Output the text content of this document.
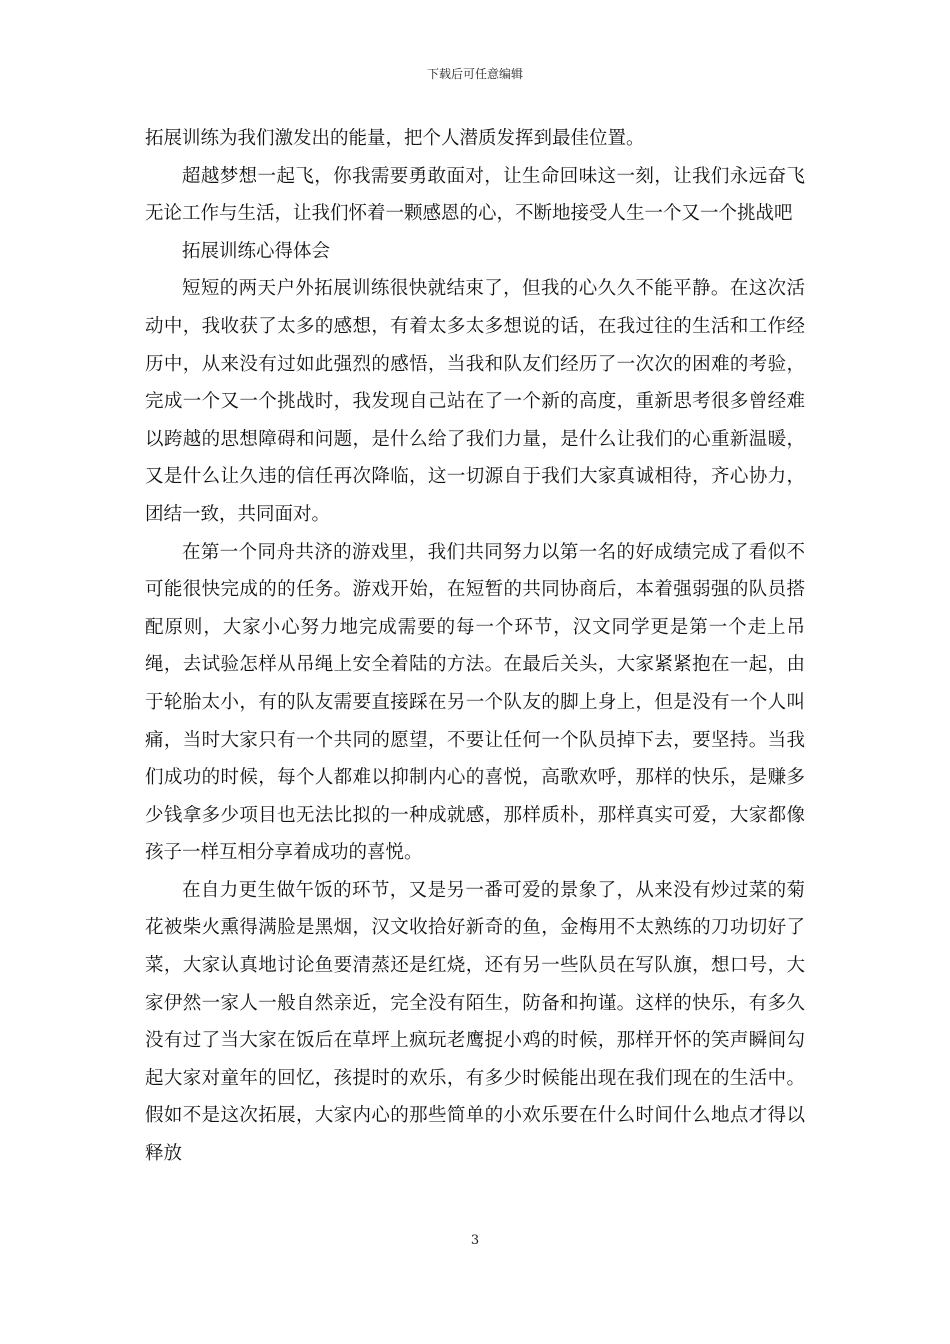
下载后可任意编辑

拓展训练为我们激发出的能量，把个人潜质发挥到最佳位置。

超越梦想一起飞，你我需要勇敢面对，让生命回味这一刻，让我们永远奋飞无论工作与生活，让我们怀着一颗感恩的心，不断地接受人生一个又一个挑战吧

拓展训练心得体会

短短的两天户外拓展训练很快就结束了，但我的心久久不能平静。在这次活动中，我收获了太多的感想，有着太多太多想说的话，在我过往的生活和工作经历中，从来没有过如此强烈的感悟，当我和队友们经历了一次次的困难的考验，完成一个又一个挑战时，我发现自己站在了一个新的高度，重新思考很多曾经难以跨越的思想障碍和问题，是什么给了我们力量，是什么让我们的心重新温暖，又是什么让久违的信任再次降临，这一切源自于我们大家真诚相待，齐心协力，团结一致，共同面对。

在第一个同舟共济的游戏里，我们共同努力以第一名的好成绩完成了看似不可能很快完成的的任务。游戏开始，在短暂的共同协商后，本着强弱强的队员搭配原则，大家小心努力地完成需要的每一个环节，汉文同学更是第一个走上吊绳，去试验怎样从吊绳上安全着陆的方法。在最后关头，大家紧紧抱在一起，由于轮胎太小，有的队友需要直接踩在另一个队友的脚上身上，但是没有一个人叫痛，当时大家只有一个共同的愿望，不要让任何一个队员掉下去，要坚持。当我们成功的时候，每个人都难以抑制内心的喜悦，高歌欢呼，那样的快乐，是赚多少钱拿多少项目也无法比拟的一种成就感，那样质朴，那样真实可爱，大家都像孩子一样互相分享着成功的喜悦。

在自力更生做午饭的环节，又是另一番可爱的景象了，从来没有炒过菜的菊花被柴火熏得满脸是黑烟，汉文收拾好新奇的鱼，金梅用不太熟练的刀功切好了菜，大家认真地讨论鱼要清蒸还是红烧，还有另一些队员在写队旗，想口号，大家伊然一家人一般自然亲近，完全没有陌生，防备和拘谨。这样的快乐，有多久没有过了当大家在饭后在草坪上疯玩老鹰捉小鸡的时候，那样开怀的笑声瞬间勾起大家对童年的回忆，孩提时的欢乐，有多少时候能出现在我们现在的生活中。假如不是这次拓展，大家内心的那些简单的小欢乐要在什么时间什么地点才得以释放

3
